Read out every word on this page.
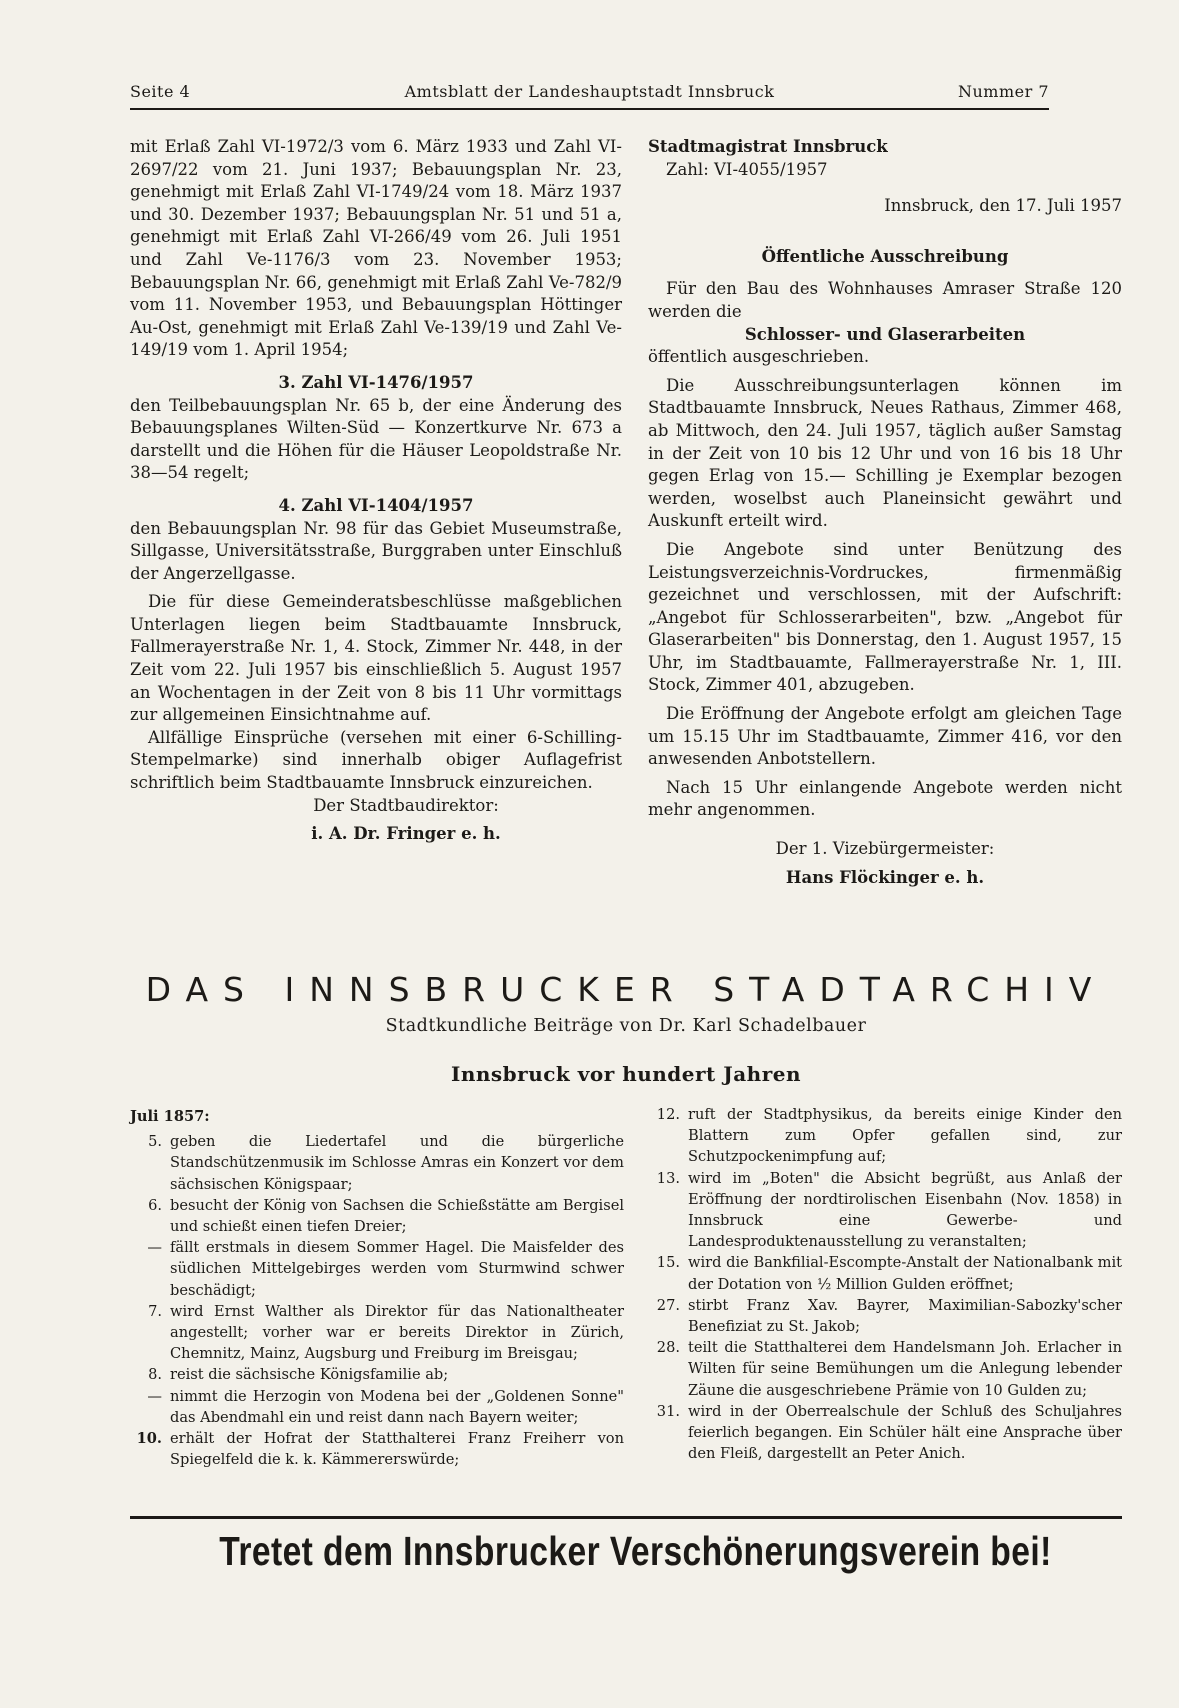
Seite 4	Amtsblatt der Landeshauptstadt Innsbruck	Nummer 7

mit Erlaß Zahl VI-1972/3 vom 6. März 1933 und Zahl VI-2697/22 vom 21. Juni 1937; Bebauungsplan Nr. 23, genehmigt mit Erlaß Zahl VI-1749/24 vom 18. März 1937 und 30. Dezember 1937; Bebauungsplan Nr. 51 und 51 a, genehmigt mit Erlaß Zahl VI-266/49 vom 26. Juli 1951 und Zahl Ve-1176/3 vom 23. November 1953; Bebauungsplan Nr. 66, genehmigt mit Erlaß Zahl Ve-782/9 vom 11. November 1953, und Bebauungsplan Höttinger Au-Ost, genehmigt mit Erlaß Zahl Ve-139/19 und Zahl Ve-149/19 vom 1. April 1954;

3. Zahl VI-1476/1957

den Teilbebauungsplan Nr. 65 b, der eine Änderung des Bebauungsplanes Wilten-Süd — Konzertkurve Nr. 673 a darstellt und die Höhen für die Häuser Leopoldstraße Nr. 38—54 regelt;

4. Zahl VI-1404/1957

den Bebauungsplan Nr. 98 für das Gebiet Museumstraße, Sillgasse, Universitätsstraße, Burggraben unter Einschluß der Angerzellgasse.

Die für diese Gemeinderatsbeschlüsse maßgeblichen Unterlagen liegen beim Stadtbauamte Innsbruck, Fallmerayerstraße Nr. 1, 4. Stock, Zimmer Nr. 448, in der Zeit vom 22. Juli 1957 bis einschließlich 5. August 1957 an Wochentagen in der Zeit von 8 bis 11 Uhr vormittags zur allgemeinen Einsichtnahme auf.

Allfällige Einsprüche (versehen mit einer 6-Schilling-Stempelmarke) sind innerhalb obiger Auflagefrist schriftlich beim Stadtbauamte Innsbruck einzureichen.

Der Stadtbaudirektor:

i. A. Dr. Fringer e. h.

Stadtmagistrat Innsbruck

Zahl: VI-4055/1957

Innsbruck, den 17. Juli 1957

Öffentliche Ausschreibung

Für den Bau des Wohnhauses Amraser Straße 120 werden die

Schlosser- und Glaserarbeiten

öffentlich ausgeschrieben.

Die Ausschreibungsunterlagen können im Stadtbauamte Innsbruck, Neues Rathaus, Zimmer 468, ab Mittwoch, den 24. Juli 1957, täglich außer Samstag in der Zeit von 10 bis 12 Uhr und von 16 bis 18 Uhr gegen Erlag von 15.— Schilling je Exemplar bezogen werden, woselbst auch Planeinsicht gewährt und Auskunft erteilt wird.

Die Angebote sind unter Benützung des Leistungsverzeichnis-Vordruckes, firmenmäßig gezeichnet und verschlossen, mit der Aufschrift: „Angebot für Schlosserarbeiten", bzw. „Angebot für Glaserarbeiten" bis Donnerstag, den 1. August 1957, 15 Uhr, im Stadtbauamte, Fallmerayerstraße Nr. 1, III. Stock, Zimmer 401, abzugeben.

Die Eröffnung der Angebote erfolgt am gleichen Tage um 15.15 Uhr im Stadtbauamte, Zimmer 416, vor den anwesenden Anbotstellern.

Nach 15 Uhr einlangende Angebote werden nicht mehr angenommen.

Der 1. Vizebürgermeister:

Hans Flöckinger e. h.

DAS INNSBRUCKER STADTARCHIV
Stadtkundliche Beiträge von Dr. Karl Schadelbauer
Innsbruck vor hundert Jahren

Juli 1857:

5. geben die Liedertafel und die bürgerliche Standschützenmusik im Schlosse Amras ein Konzert vor dem sächsischen Königspaar;
6. besucht der König von Sachsen die Schießstätte am Bergisel und schießt einen tiefen Dreier;
— fällt erstmals in diesem Sommer Hagel. Die Maisfelder des südlichen Mittelgebirges werden vom Sturmwind schwer beschädigt;
7. wird Ernst Walther als Direktor für das Nationaltheater angestellt; vorher war er bereits Direktor in Zürich, Chemnitz, Mainz, Augsburg und Freiburg im Breisgau;
8. reist die sächsische Königsfamilie ab;
— nimmt die Herzogin von Modena bei der „Goldenen Sonne" das Abendmahl ein und reist dann nach Bayern weiter;
10. erhält der Hofrat der Statthalterei Franz Freiherr von Spiegelfeld die k. k. Kämmererswürde;
12. ruft der Stadtphysikus, da bereits einige Kinder den Blattern zum Opfer gefallen sind, zur Schutzpockenimpfung auf;
13. wird im „Boten" die Absicht begrüßt, aus Anlaß der Eröffnung der nordtirolischen Eisenbahn (Nov. 1858) in Innsbruck eine Gewerbe- und Landesproduktenausstellung zu veranstalten;
15. wird die Bankfilial-Escompte-Anstalt der Nationalbank mit der Dotation von ½ Million Gulden eröffnet;
27. stirbt Franz Xav. Bayrer, Maximilian-Sabozky'scher Benefiziat zu St. Jakob;
28. teilt die Statthalterei dem Handelsmann Joh. Erlacher in Wilten für seine Bemühungen um die Anlegung lebender Zäune die ausgeschriebene Prämie von 10 Gulden zu;
31. wird in der Oberrealschule der Schluß des Schuljahres feierlich begangen. Ein Schüler hält eine Ansprache über den Fleiß, dargestellt an Peter Anich.
Tretet dem Innsbrucker Verschönerungsverein bei!
